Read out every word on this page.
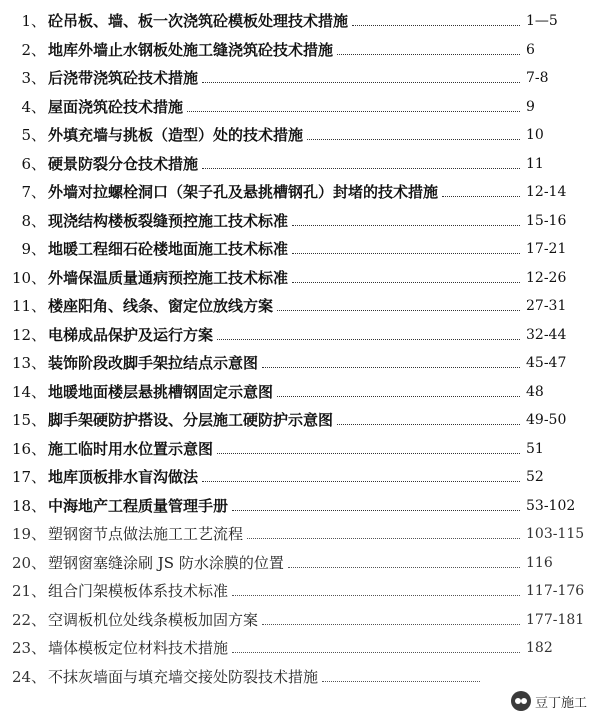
1、 砼吊板、墙、板一次浇筑砼模板处理技术措施	1—5
2、 地库外墙止水钢板处施工缝浇筑砼技术措施	6
3、 后浇带浇筑砼技术措施	7-8
4、 屋面浇筑砼技术措施	9
5、 外填充墙与挑板（造型）处的技术措施	10
6、 硬景防裂分仓技术措施	11
7、 外墙对拉螺栓洞口（架子孔及悬挑槽钢孔）封堵的技术措施	12-14
8、 现浇结构楼板裂缝预控施工技术标准	15-16
9、 地暖工程细石砼楼地面施工技术标准	17-21
10、 外墙保温质量通病预控施工技术标准	12-26
11、 楼座阳角、线条、窗定位放线方案	27-31
12、 电梯成品保护及运行方案	32-44
13、 装饰阶段改脚手架拉结点示意图	45-47
14、 地暖地面楼层悬挑槽钢固定示意图	48
15、 脚手架硬防护搭设、分层施工硬防护示意图	49-50
16、 施工临时用水位置示意图	51
17、 地库顶板排水盲沟做法	52
18、 中海地产工程质量管理手册	53-102
19、 塑钢窗节点做法施工工艺流程	103-115
20、 塑钢窗塞缝涂刷 JS 防水涂膜的位置	116
21、 组合门架模板体系技术标准	117-176
22、 空调板机位处线条模板加固方案	177-181
23、 墙体模板定位材料技术措施	182
24、 不抹灰墙面与填充墙交接处防裂技术措施
豆丁施工
